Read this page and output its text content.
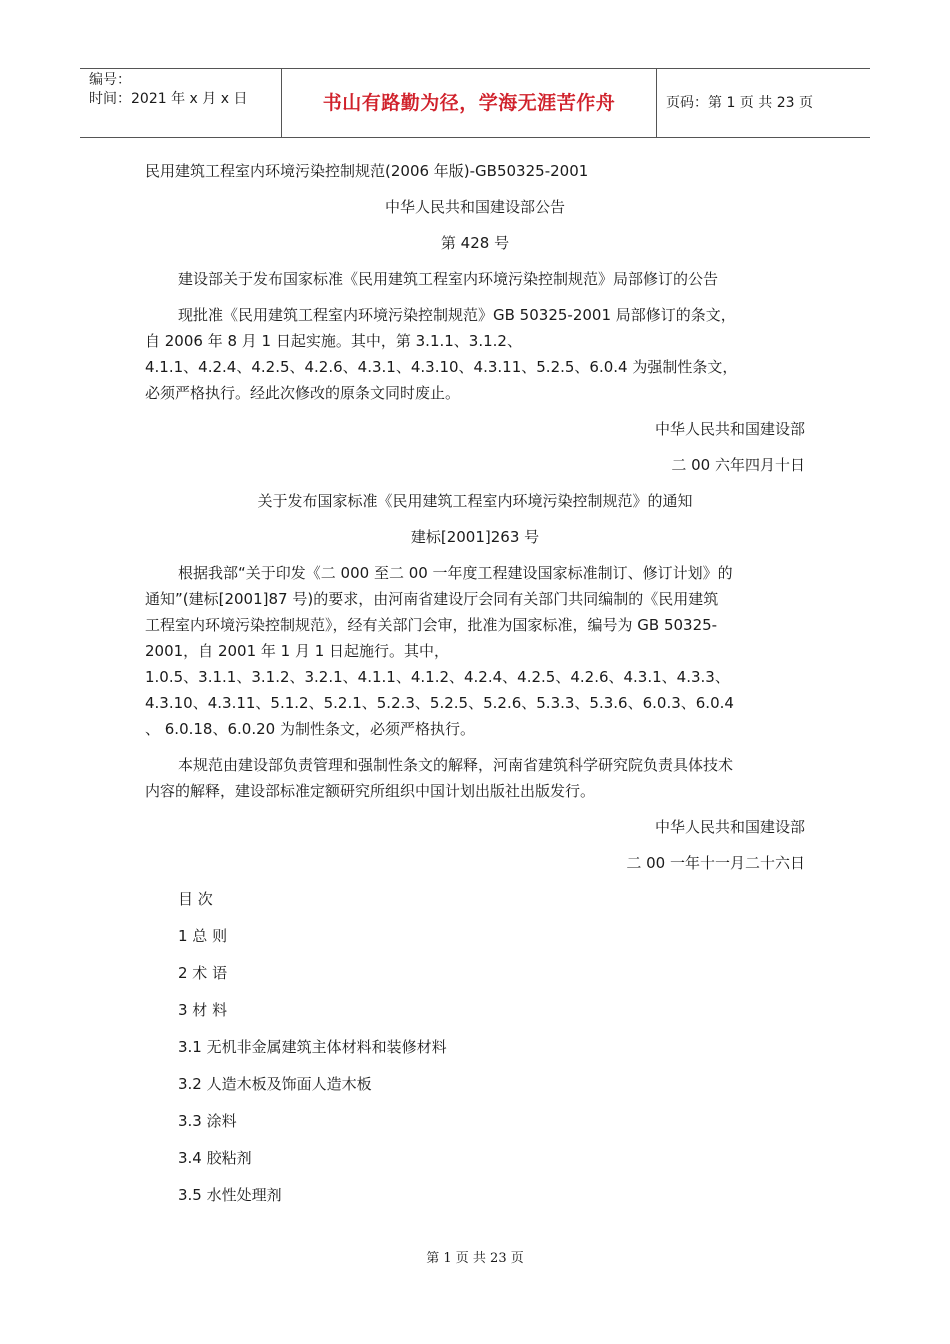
编号：
时间：2021 年 x 月 x 日	书山有路勤为径，学海无涯苦作舟	页码：第 1 页 共 23 页

民用建筑工程室内环境污染控制规范(2006 年版)-GB50325-2001

中华人民共和国建设部公告

第 428 号

建设部关于发布国家标准《民用建筑工程室内环境污染控制规范》局部修订的公告

现批准《民用建筑工程室内环境污染控制规范》GB 50325-2001 局部修订的条文，

自 2006 年 8 月 1 日起实施。其中，第 3.1.1、3.1.2、

4.1.1、4.2.4、4.2.5、4.2.6、4.3.1、4.3.10、4.3.11、5.2.5、6.0.4 为强制性条文，

必须严格执行。经此次修改的原条文同时废止。

中华人民共和国建设部

二 00 六年四月十日

关于发布国家标准《民用建筑工程室内环境污染控制规范》的通知

建标[2001]263 号

根据我部“关于印发《二 000 至二 00 一年度工程建设国家标准制订、修订计划》的

通知”(建标[2001]87 号)的要求，由河南省建设厅会同有关部门共同编制的《民用建筑

工程室内环境污染控制规范》，经有关部门会审，批准为国家标准，编号为 GB 50325-

2001，自 2001 年 1 月 1 日起施行。其中，

1.0.5、3.1.1、3.1.2、3.2.1、4.1.1、4.1.2、4.2.4、4.2.5、4.2.6、4.3.1、4.3.3、

4.3.10、4.3.11、5.1.2、5.2.1、5.2.3、5.2.5、5.2.6、5.3.3、5.3.6、6.0.3、6.0.4

、 6.0.18、6.0.20 为制性条文，必须严格执行。

本规范由建设部负责管理和强制性条文的解释，河南省建筑科学研究院负责具体技术

内容的解释，建设部标准定额研究所组织中国计划出版社出版发行。

中华人民共和国建设部

二 00 一年十一月二十六日

目 次

1 总 则

2 术 语

3 材 料

3.1 无机非金属建筑主体材料和装修材料

3.2 人造木板及饰面人造木板

3.3 涂料

3.4 胶粘剂

3.5 水性处理剂

第 1 页 共 23 页
